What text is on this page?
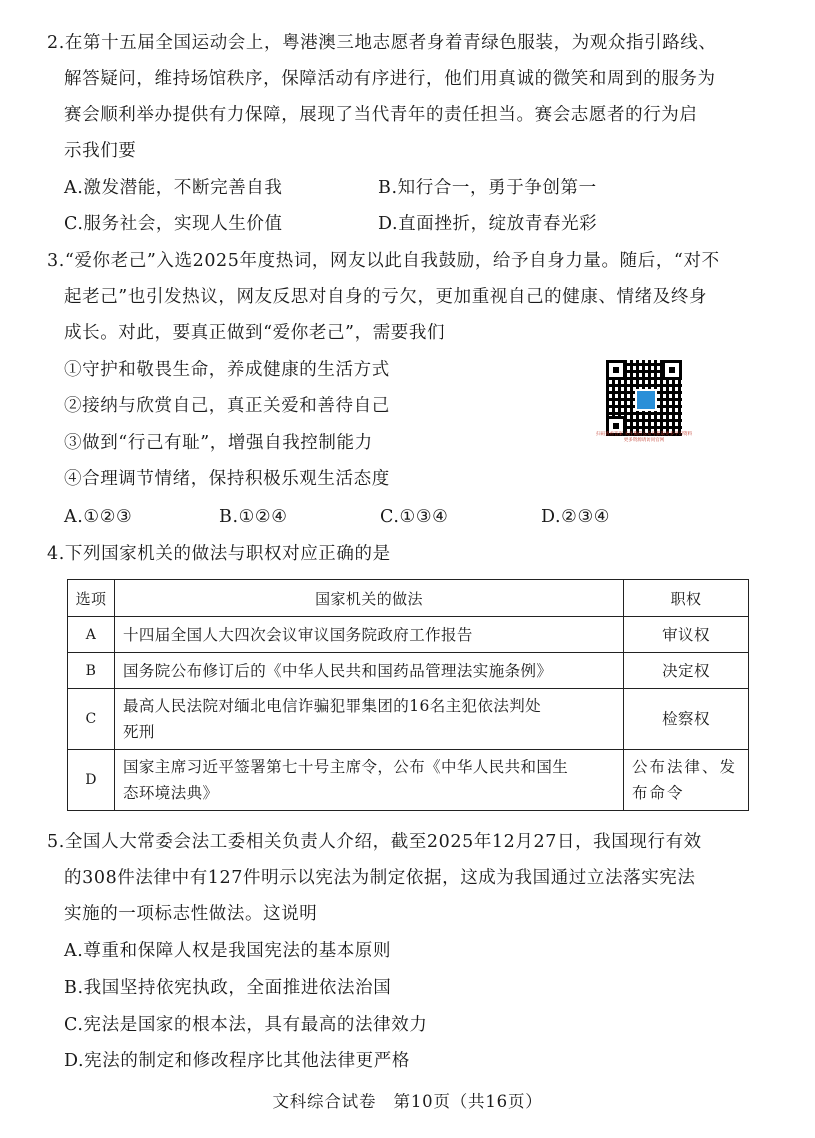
2.在第十五届全国运动会上，粤港澳三地志愿者身着青绿色服装，为观众指引路线、
解答疑问，维持场馆秩序，保障活动有序进行，他们用真诚的微笑和周到的服务为
赛会顺利举办提供有力保障，展现了当代青年的责任担当。赛会志愿者的行为启
示我们要
A.激发潜能，不断完善自我	B.知行合一，勇于争创第一
C.服务社会，实现人生价值	D.直面挫折，绽放青春光彩
3.“爱你老己”入选2025年度热词，网友以此自我鼓励，给予自身力量。随后，“对不
起老己”也引发热议，网友反思对自身的亏欠，更加重视自己的健康、情绪及终身
成长。对此，要真正做到“爱你老己”，需要我们
①守护和敬畏生命，养成健康的生活方式
②接纳与欣赏自己，真正关爱和善待自己
③做到“行己有耻”，增强自我控制能力
④合理调节情绪，保持积极乐观生活态度
A.①②③	B.①②④	C.①③④	D.②③④
扫码查看答案 关注微信公众号获取更多学习资料 更多资源请访问官网
4.下列国家机关的做法与职权对应正确的是
选项	国家机关的做法	职权
A	十四届全国人大四次会议审议国务院政府工作报告	审议权
B	国务院公布修订后的《中华人民共和国药品管理法实施条例》	决定权
C	最高人民法院对缅北电信诈骗犯罪集团的16名主犯依法判处
死刑	检察权
D	国家主席习近平签署第七十号主席令，公布《中华人民共和国生
态环境法典》	公布法律、发
布命令
5.全国人大常委会法工委相关负责人介绍，截至2025年12月27日，我国现行有效
的308件法律中有127件明示以宪法为制定依据，这成为我国通过立法落实宪法
实施的一项标志性做法。这说明
A.尊重和保障人权是我国宪法的基本原则
B.我国坚持依宪执政，全面推进依法治国
C.宪法是国家的根本法，具有最高的法律效力
D.宪法的制定和修改程序比其他法律更严格
文科综合试卷　第10页（共16页）
